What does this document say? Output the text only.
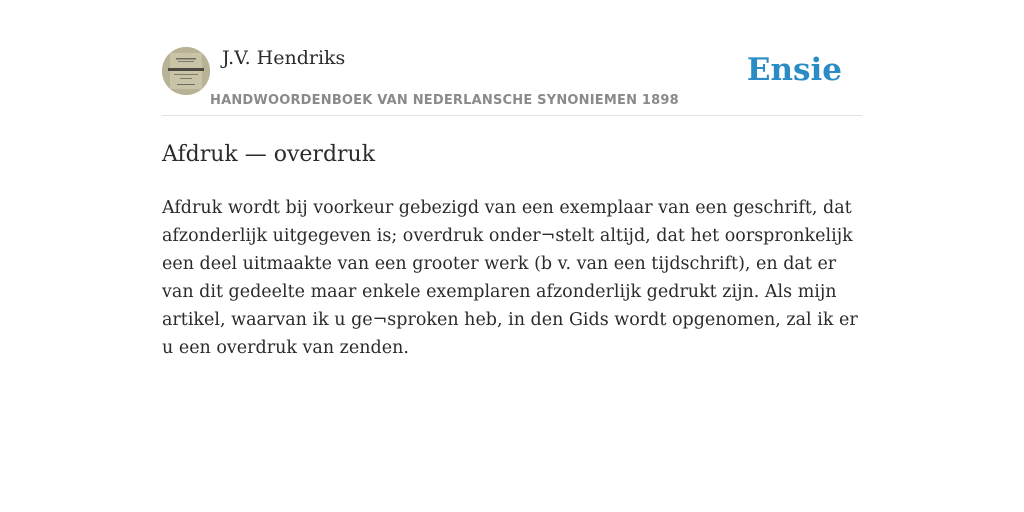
J.V. Hendriks
HANDWOORDENBOEK VAN NEDERLANSCHE SYNONIEMEN 1898
Ensie
Afdruk — overdruk

Afdruk wordt bij voorkeur gebezigd van een exemplaar van een geschrift, dat afzonderlijk uitgegeven is; overdruk onder¬stelt altijd, dat het oorspronkelijk een deel uitmaakte van een grooter werk (b v. van een tijdschrift), en dat er van dit gedeelte maar enkele exemplaren afzonderlijk gedrukt zijn. Als mijn artikel, waarvan ik u ge¬sproken heb, in den Gids wordt opgenomen, zal ik er u een overdruk van zenden.
